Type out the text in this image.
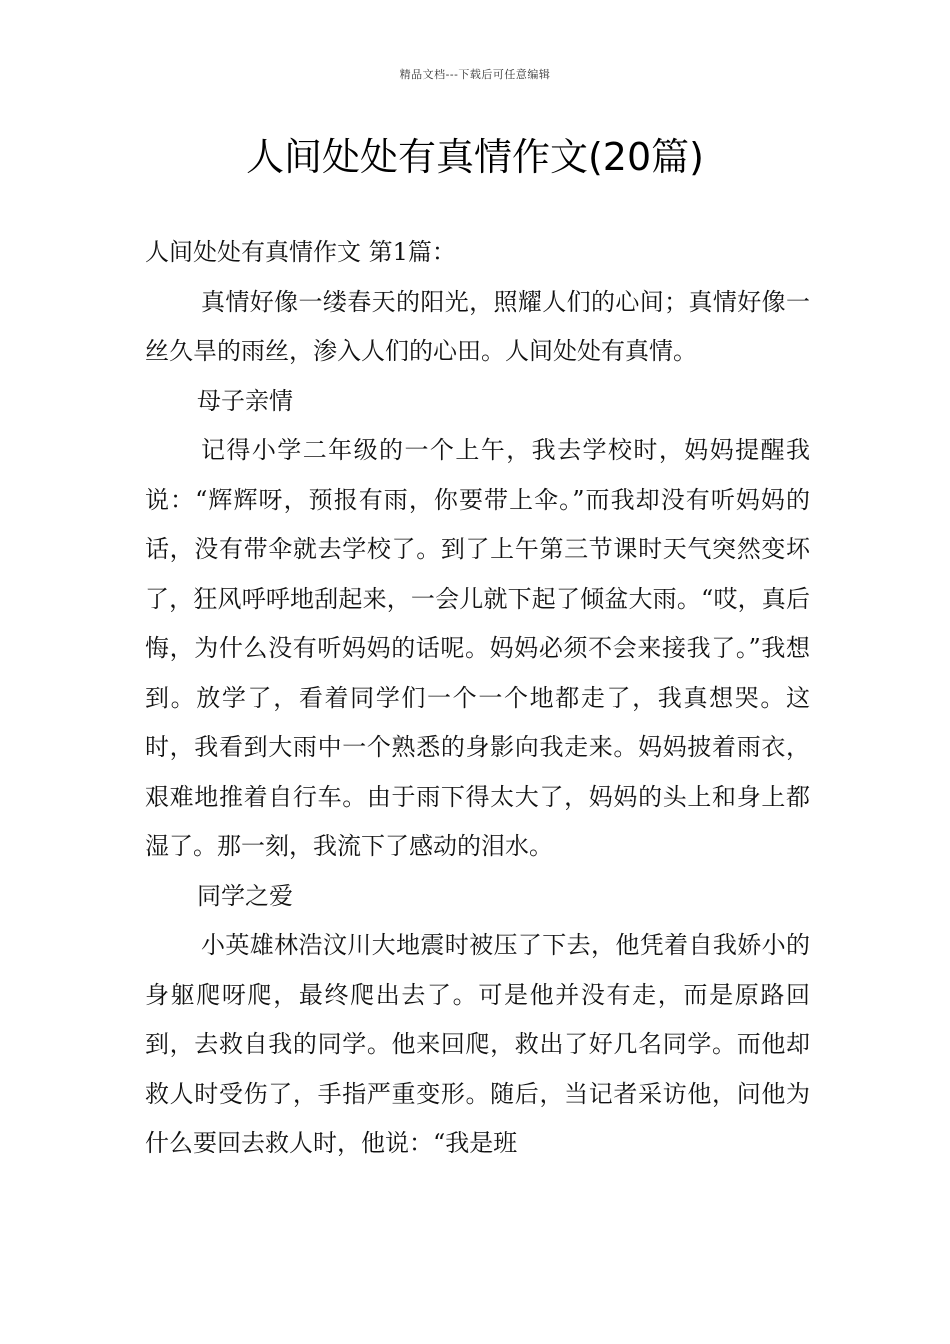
精品文档---下载后可任意编辑
人间处处有真情作文(20篇)

人间处处有真情作文 第1篇：

真情好像一缕春天的阳光，照耀人们的心间；真情好像一丝久旱的雨丝，渗入人们的心田。人间处处有真情。

母子亲情

记得小学二年级的一个上午，我去学校时，妈妈提醒我说：“辉辉呀，预报有雨，你要带上伞。”而我却没有听妈妈的话，没有带伞就去学校了。到了上午第三节课时天气突然变坏了，狂风呼呼地刮起来，一会儿就下起了倾盆大雨。“哎，真后悔，为什么没有听妈妈的话呢。妈妈必须不会来接我了。”我想到。放学了，看着同学们一个一个地都走了，我真想哭。这时，我看到大雨中一个熟悉的身影向我走来。妈妈披着雨衣，艰难地推着自行车。由于雨下得太大了，妈妈的头上和身上都湿了。那一刻，我流下了感动的泪水。

同学之爱

小英雄林浩汶川大地震时被压了下去，他凭着自我娇小的身躯爬呀爬，最终爬出去了。可是他并没有走，而是原路回到，去救自我的同学。他来回爬，救出了好几名同学。而他却救人时受伤了，手指严重变形。随后，当记者采访他，问他为什么要回去救人时，他说：“我是班
